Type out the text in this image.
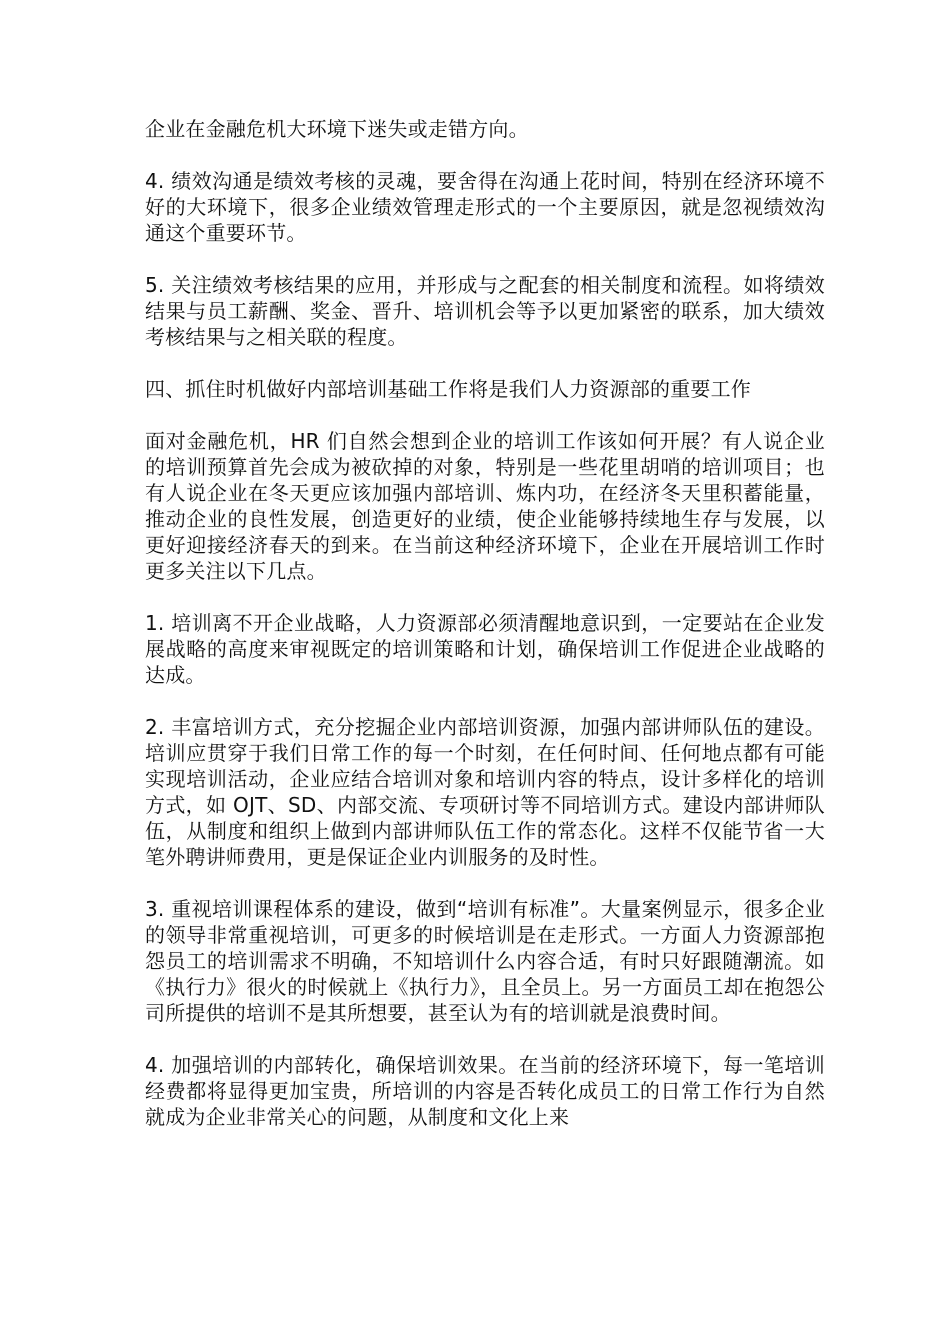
企业在金融危机大环境下迷失或走错方向。

4. 绩效沟通是绩效考核的灵魂，要舍得在沟通上花时间，特别在经济环境不好的大环境下，很多企业绩效管理走形式的一个主要原因，就是忽视绩效沟通这个重要环节。

5. 关注绩效考核结果的应用，并形成与之配套的相关制度和流程。如将绩效结果与员工薪酬、奖金、晋升、培训机会等予以更加紧密的联系，加大绩效考核结果与之相关联的程度。

四、抓住时机做好内部培训基础工作将是我们人力资源部的重要工作

面对金融危机，HR 们自然会想到企业的培训工作该如何开展？有人说企业的培训预算首先会成为被砍掉的对象，特别是一些花里胡哨的培训项目；也有人说企业在冬天更应该加强内部培训、炼内功，在经济冬天里积蓄能量，推动企业的良性发展，创造更好的业绩，使企业能够持续地生存与发展，以更好迎接经济春天的到来。在当前这种经济环境下，企业在开展培训工作时更多关注以下几点。

1. 培训离不开企业战略，人力资源部必须清醒地意识到，一定要站在企业发展战略的高度来审视既定的培训策略和计划，确保培训工作促进企业战略的达成。

2. 丰富培训方式，充分挖掘企业内部培训资源，加强内部讲师队伍的建设。培训应贯穿于我们日常工作的每一个时刻，在任何时间、任何地点都有可能实现培训活动，企业应结合培训对象和培训内容的特点，设计多样化的培训方式，如 OJT、SD、内部交流、专项研讨等不同培训方式。建设内部讲师队伍，从制度和组织上做到内部讲师队伍工作的常态化。这样不仅能节省一大笔外聘讲师费用，更是保证企业内训服务的及时性。

3. 重视培训课程体系的建设，做到“培训有标准”。大量案例显示，很多企业的领导非常重视培训，可更多的时候培训是在走形式。一方面人力资源部抱怨员工的培训需求不明确，不知培训什么内容合适，有时只好跟随潮流。如《执行力》很火的时候就上《执行力》，且全员上。另一方面员工却在抱怨公司所提供的培训不是其所想要，甚至认为有的培训就是浪费时间。

4. 加强培训的内部转化，确保培训效果。在当前的经济环境下，每一笔培训经费都将显得更加宝贵，所培训的内容是否转化成员工的日常工作行为自然就成为企业非常关心的问题，从制度和文化上来
